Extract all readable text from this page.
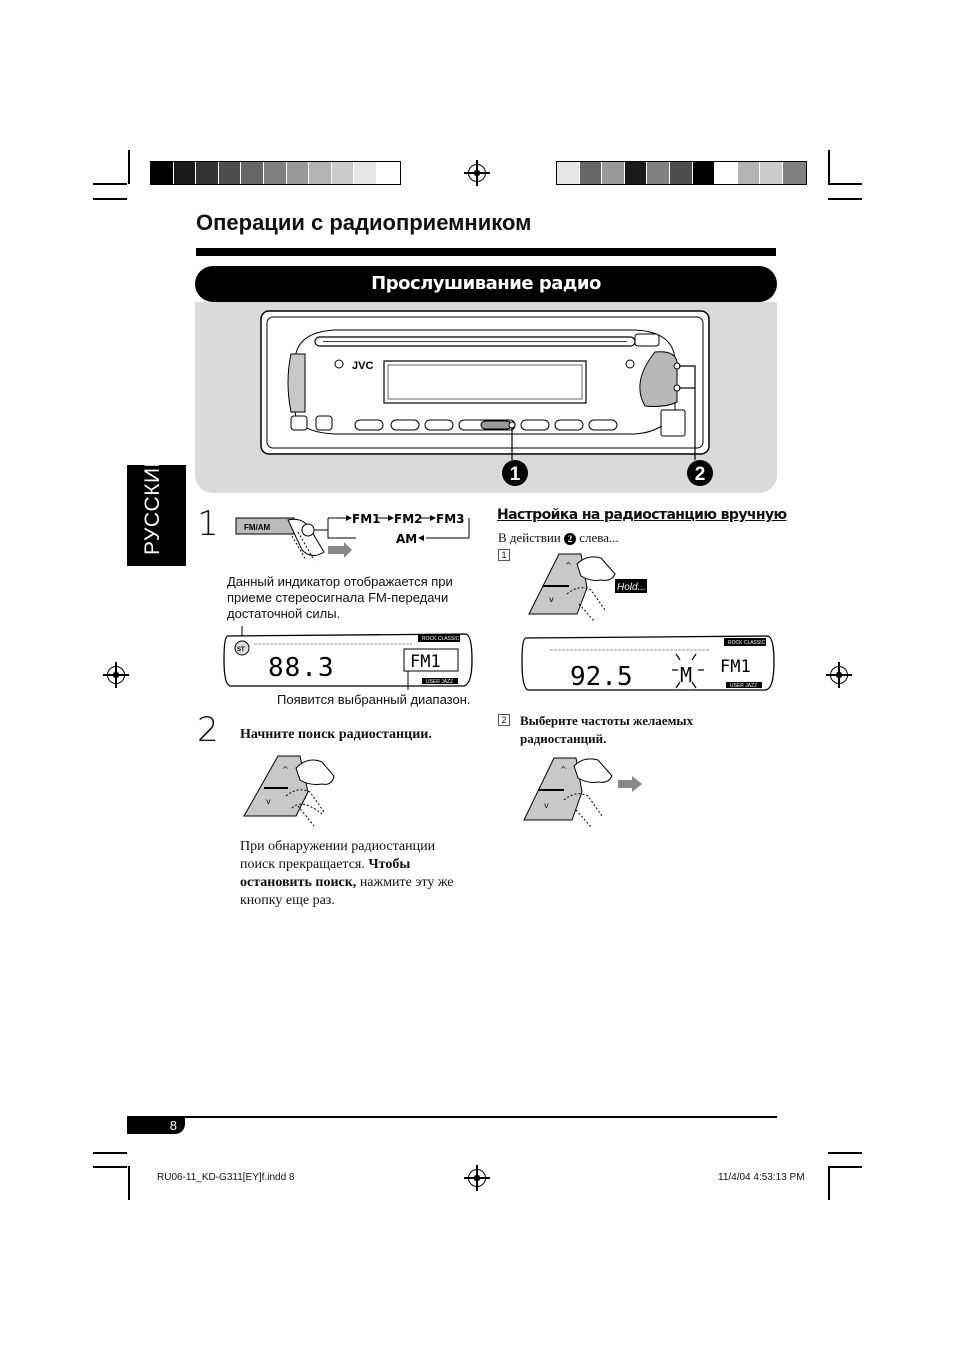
Операции с радиоприемником
Прослушивание радио
JVC
1	2
РУССКИЙ 1	FM/AM
FM1 FM2 FM3
AM
Данный индикатор отображается при приеме стереосигнала FM-передачи достаточной силы.
ROCK CLASSIC
USER JAZZ
ST
88.3	FM1
Появится выбранный диапазон.
2 Начните поиск радиостанции.
^
v
При обнаружении радиостанции поиск прекращается. Чтобы остановить поиск, нажмите эту же кнопку еще раз.
Настройка на радиостанцию вручную
В действии 2 слева...
1
^
v
Hold...
ROCK CLASSIC
USER JAZZ
92.5 M FM1
2 Выберите частоты желаемых радиостанций.
^
v
8
RU06-11_KD-G311[EY]f.indd 8	11/4/04 4:53:13 PM
